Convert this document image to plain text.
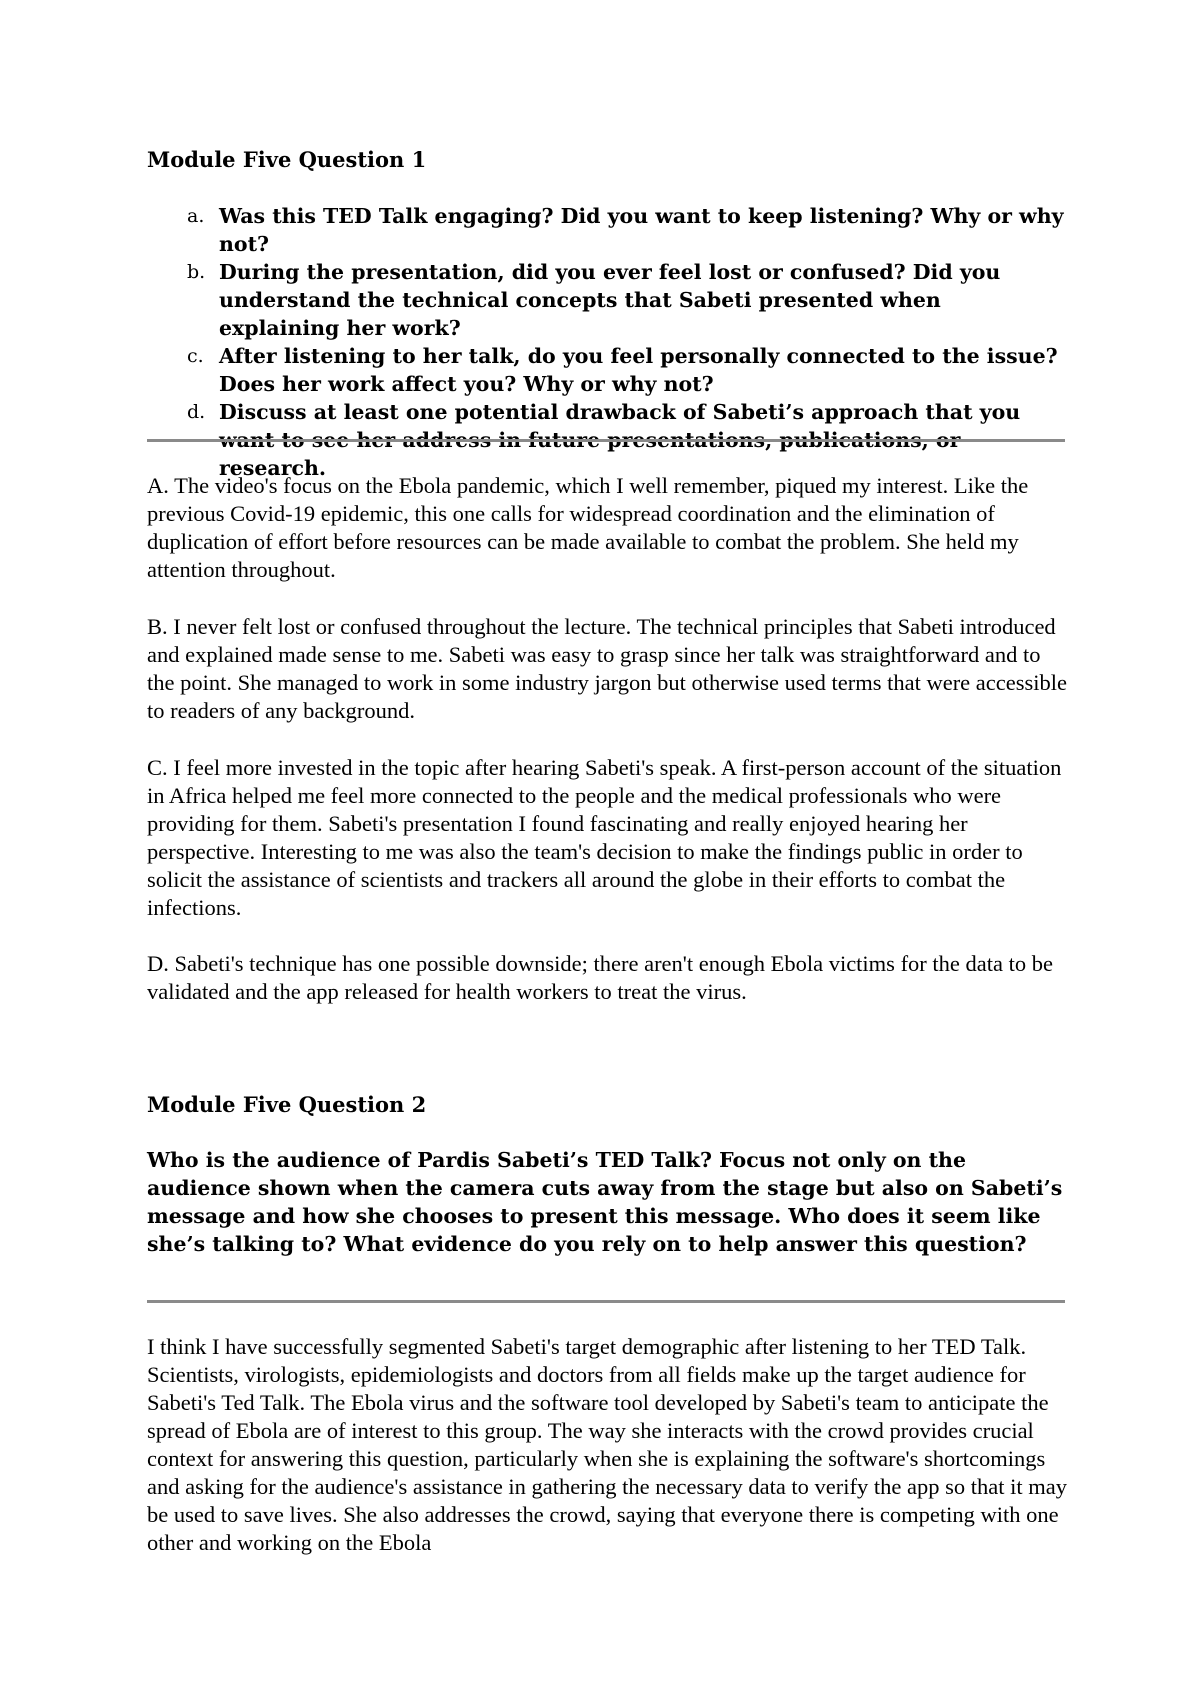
Module Five Question 1
a. Was this TED Talk engaging? Did you want to keep listening? Why or why not?
b. During the presentation, did you ever feel lost or confused? Did you understand the technical concepts that Sabeti presented when explaining her work?
c. After listening to her talk, do you feel personally connected to the issue? Does her work affect you? Why or why not?
d. Discuss at least one potential drawback of Sabeti’s approach that you want to see her address in future presentations, publications, or research.

A. The video's focus on the Ebola pandemic, which I well remember, piqued my interest. Like the previous Covid-19 epidemic, this one calls for widespread coordination and the elimination of duplication of effort before resources can be made available to combat the problem. She held my attention throughout.

B. I never felt lost or confused throughout the lecture. The technical principles that Sabeti introduced and explained made sense to me. Sabeti was easy to grasp since her talk was straightforward and to the point. She managed to work in some industry jargon but otherwise used terms that were accessible to readers of any background.

C. I feel more invested in the topic after hearing Sabeti's speak. A first-person account of the situation in Africa helped me feel more connected to the people and the medical professionals who were providing for them. Sabeti's presentation I found fascinating and really enjoyed hearing her perspective. Interesting to me was also the team's decision to make the findings public in order to solicit the assistance of scientists and trackers all around the globe in their efforts to combat the infections.

D. Sabeti's technique has one possible downside; there aren't enough Ebola victims for the data to be validated and the app released for health workers to treat the virus.

Module Five Question 2

Who is the audience of Pardis Sabeti’s TED Talk? Focus not only on the audience shown when the camera cuts away from the stage but also on Sabeti’s message and how she chooses to present this message. Who does it seem like she’s talking to? What evidence do you rely on to help answer this question?

I think I have successfully segmented Sabeti's target demographic after listening to her TED Talk. Scientists, virologists, epidemiologists and doctors from all fields make up the target audience for Sabeti's Ted Talk. The Ebola virus and the software tool developed by Sabeti's team to anticipate the spread of Ebola are of interest to this group. The way she interacts with the crowd provides crucial context for answering this question, particularly when she is explaining the software's shortcomings and asking for the audience's assistance in gathering the necessary data to verify the app so that it may be used to save lives. She also addresses the crowd, saying that everyone there is competing with one other and working on the Ebola
